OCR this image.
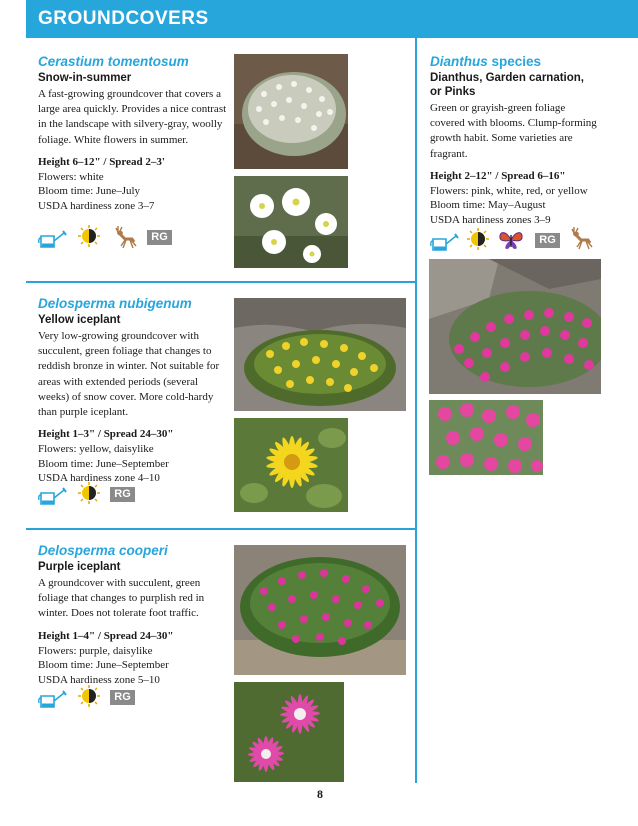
GROUNDCOVERS

Cerastium tomentosum

Snow-in-summer

A fast-growing groundcover that covers a large area quickly. Provides a nice contrast in the landscape with silvery-gray, woolly foliage. White flowers in summer.

Height 6–12" / Spread 2–3'
Flowers: white
Bloom time: June–July
USDA hardiness zone 3–7
RG

Delosperma nubigenum

Yellow iceplant

Very low-growing groundcover with succulent, green foliage that changes to reddish bronze in winter. Not suitable for areas with extended periods (several weeks) of snow cover. More cold-hardy than purple iceplant.

Height 1–3" / Spread 24–30"
Flowers: yellow, daisylike
Bloom time: June–September
USDA hardiness zone 4–10
RG

Delosperma cooperi

Purple iceplant

A groundcover with succulent, green foliage that changes to purplish red in winter. Does not tolerate foot traffic.

Height 1–4" / Spread 24–30"
Flowers: purple, daisylike
Bloom time: June–September
USDA hardiness zone 5–10
RG

Dianthus species

Dianthus, Garden carnation, or Pinks

Green or grayish-green foliage covered with blooms. Clump-forming growth habit. Some varieties are fragrant.

Height 2–12" / Spread 6–16"
Flowers: pink, white, red, or yellow
Bloom time: May–August
USDA hardiness zones 3–9
RG
8
